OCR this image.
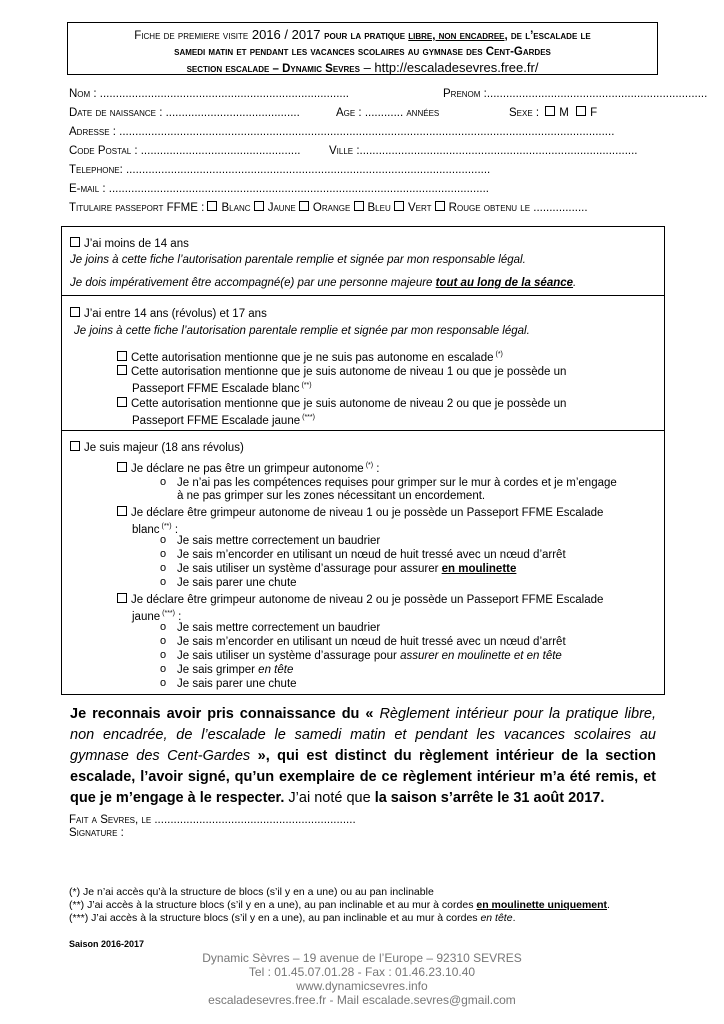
Fiche de premiere visite 2016 / 2017 pour la pratique libre, non encadree, de l’escalade le
samedi matin et pendant les vacances scolaires au gymnase des Cent-Gardes
section escalade – Dynamic Sevres – http://escaladesevres.free.fr/
Nom : ..............................................................................	Prenom :.....................................................................
Date de naissance : ..........................................	Age : ............ années	Sexe : M F
Adresse : ...........................................................................................................................................................
Code Postal : .................................................. Ville :.......................................................................................
Telephone: ..................................................................................................................
E-mail : .......................................................................................................................
Titulaire passeport FFME : Blanc Jaune Orange Bleu Vert Rouge obtenu le .................

J’ai moins de 14 ans

Je joins à cette fiche l’autorisation parentale remplie et signée par mon responsable légal.

Je dois impérativement être accompagné(e) par une personne majeure tout au long de la séance.

J’ai entre 14 ans (révolus) et 17 ans

Je joins à cette fiche l’autorisation parentale remplie et signée par mon responsable légal.

Cette autorisation mentionne que je ne suis pas autonome en escalade (*)

Cette autorisation mentionne que je suis autonome de niveau 1 ou que je possède un

Passeport FFME Escalade blanc (**)

Cette autorisation mentionne que je suis autonome de niveau 2 ou que je possède un

Passeport FFME Escalade jaune (***)

Je suis majeur (18 ans révolus)

Je déclare ne pas être un grimpeur autonome (*) :

o Je n’ai pas les compétences requises pour grimper sur le mur à cordes et je m’engage

à ne pas grimper sur les zones nécessitant un encordement.

Je déclare être grimpeur autonome de niveau 1 ou je possède un Passeport FFME Escalade

blanc (**) :

o Je sais mettre correctement un baudrier

o Je sais m’encorder en utilisant un nœud de huit tressé avec un nœud d’arrêt

o Je sais utiliser un système d’assurage pour assurer en moulinette

o Je sais parer une chute

Je déclare être grimpeur autonome de niveau 2 ou je possède un Passeport FFME Escalade

jaune (***) :

o Je sais mettre correctement un baudrier

o Je sais m’encorder en utilisant un nœud de huit tressé avec un nœud d’arrêt

o Je sais utiliser un système d’assurage pour assurer en moulinette et en tête

o Je sais grimper en tête

o Je sais parer une chute

Je reconnais avoir pris connaissance du « Règlement intérieur pour la pratique libre, non encadrée, de l’escalade le samedi matin et pendant les vacances scolaires au gymnase des Cent-Gardes », qui est distinct du règlement intérieur de la section escalade, l’avoir signé, qu’un exemplaire de ce règlement intérieur m’a été remis, et que je m’engage à le respecter. J’ai noté que la saison s’arrête le 31 août 2017.
Fait a Sevres, le ...............................................................
Signature :
(*) Je n’ai accès qu’à la structure de blocs (s’il y en a une) ou au pan inclinable
(**) J’ai accès à la structure blocs (s’il y en a une), au pan inclinable et au mur à cordes en moulinette uniquement.
(***) J’ai accès à la structure blocs (s’il y en a une), au pan inclinable et au mur à cordes en tête.
Saison 2016-2017
Dynamic Sèvres – 19 avenue de l’Europe – 92310 SEVRES
Tel : 01.45.07.01.28 - Fax : 01.46.23.10.40
www.dynamicsevres.info
escaladesevres.free.fr - Mail escalade.sevres@gmail.com
